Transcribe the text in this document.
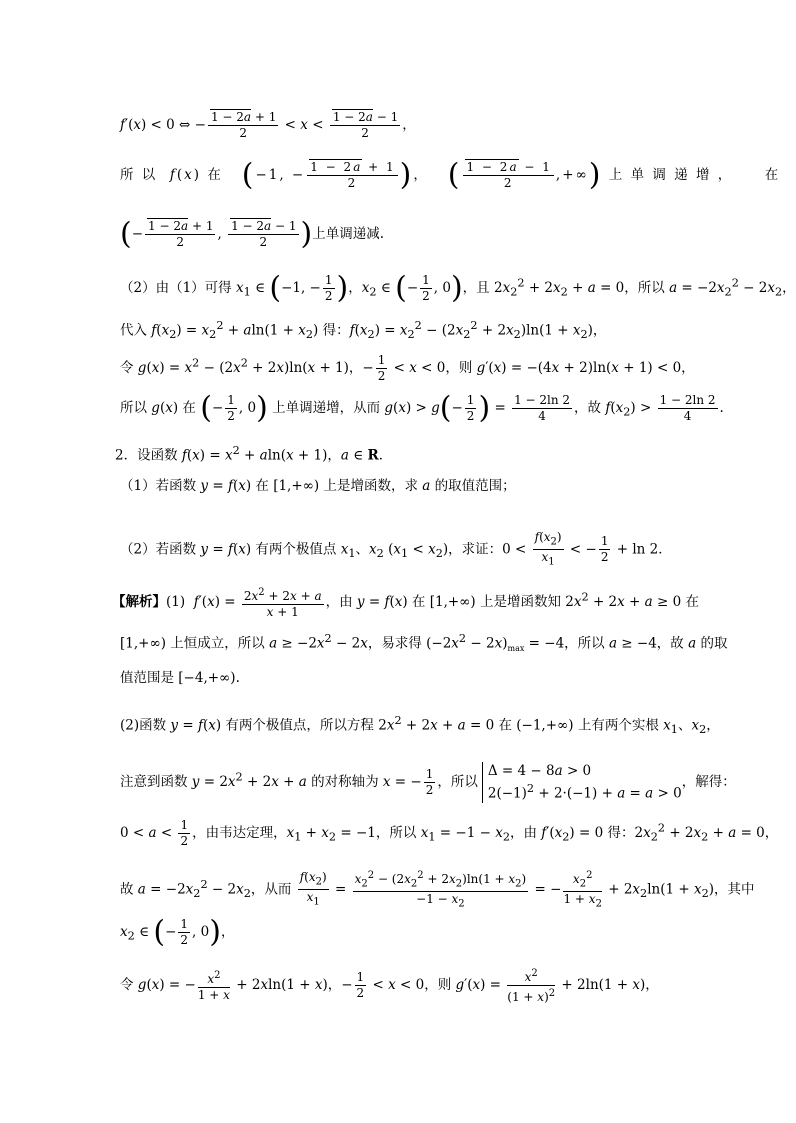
f′(x) < 0 ⇔ − $\frac{1 - 2a + 1}{2} < x < \frac{1 - 2a - 1}{2}$ ，
所 以  f(x) 在   (−1, − $\frac{1 - 2a + 1}{2}$ )，   ( $\frac{1 - 2a - 1}{2}$ ,+∞) 上 单 调 递 增 ，     在
(− $\frac{1 - 2a + 1}{2}$ , $\frac{1 - 2a - 1}{2}$ )上单调递减.
（2）由（1）可得 $x_1$ ∈ (−1, − $\frac{1}{2}$ )，$x_2$ ∈ (− $\frac{1}{2}$ , 0)，且 $2x_2^2 + 2x_2 + a = 0$，所以 $a = -2x_2^2 - 2x_2$，
代入 $f(x_2) = x_2^2 + aln(1 + x_2)$ 得：$f(x_2) = x_2^2 - (2x_2^2 + 2x_2)\ln(1 + x_2)$，
令 $g(x) = x^2 - (2x^2 + 2x)\ln(x + 1)$，− $\frac{1}{2} < x < 0$，则 g′(x) = −(4x + 2)ln(x + 1) < 0，
所以 g(x) 在 (− $\frac{1}{2}$ , 0) 上单调递增，从而 $g(x) > g(- \frac{1}{2}$ ) = $\frac{1 - 2\ln 2}{4}$ ，故 $f(x_2) > \frac{1 - 2\ln 2}{4}$ .
2．设函数 $f(x) = x^2 + aln(x + 1)$，a ∈ R．
（1）若函数 y = f(x) 在 [1,+∞) 上是增函数，求 a 的取值范围；
（2）若函数 y = f(x) 有两个极值点 $x_1$、$x_2$ $(x_1 < x_2)$，求证：$0 < \frac{f(x_2)}{x_1}$ < − $\frac{1}{2} + \ln 2$．
【解析】(1)  $f'(x) = \frac{2x^2 + 2x + a}{x + 1}$ ，由 y = f(x) 在 [1,+∞) 上是增函数知 $2x^2 + 2x + a \ge 0$ 在
[1,+∞) 上恒成立，所以 $a \ge -2x^2 - 2x$，易求得 $(-2x^2 - 2x)_{max} = -4$，所以 a ≥ −4，故 a 的取
值范围是 [−4,+∞).
(2)函数 y = f(x) 有两个极值点，所以方程 $2x^2 + 2x + a = 0$ 在 (−1,+∞) 上有两个实根 $x_1$、$x_2$，
注意到函数 $y = 2x^2 + 2x + a$ 的对称轴为 x = − $\frac{1}{2}$ ，所以Δ = 4 − 8a > 0
$2(-1)^2 + 2\cdot(-1) + a = a > 0$，解得：
$0 < a < \frac{1}{2}$ ，由韦达定理，$x_1 + x_2 = -1$，所以 $x_1 = -1 - x_2$，由 $f'(x_2) = 0$ 得：$2x_2^2 + 2x_2 + a = 0$，
故 $a = -2x_2^2 - 2x_2$，从而 $\frac{f(x_2)}{x_1} = \frac{x_2^2 - (2x_2^2 + 2x_2)\ln(1 + x_2)}{-1 - x_2}$ = − $\frac{x_2^2}{1 + x_2} + 2x_2\ln(1 + x_2)$，其中
$x_2$ ∈ (− $\frac{1}{2}$ , 0)，
令 g(x) = − $\frac{x^2}{1 + x} + 2xln(1 + x)$，− $\frac{1}{2} < x < 0$，则 $g'(x) = \frac{x^2}{(1 + x)^2} + 2\ln(1 + x)$，
